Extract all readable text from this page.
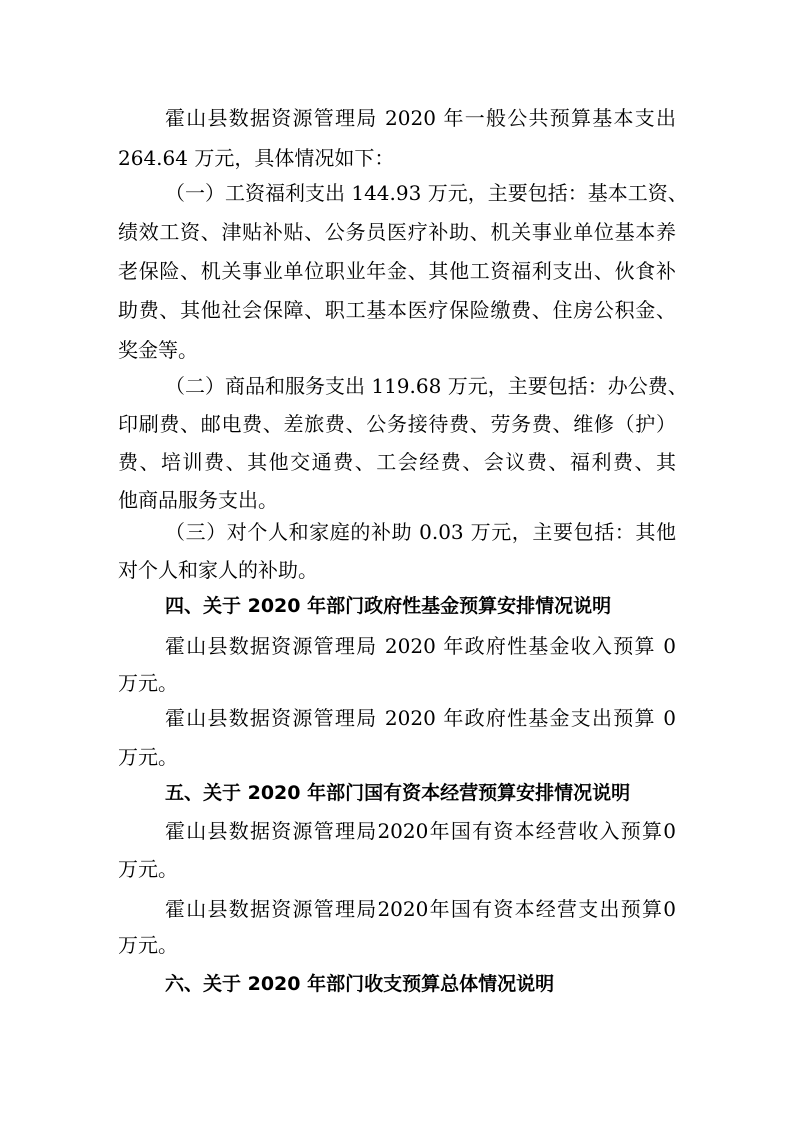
霍山县数据资源管理局 2020 年一般公共预算基本支出
264.64 万元，具体情况如下：
（一）工资福利支出 144.93 万元，主要包括：基本工资、
绩效工资、津贴补贴、公务员医疗补助、机关事业单位基本养
老保险、机关事业单位职业年金、其他工资福利支出、伙食补
助费、其他社会保障、职工基本医疗保险缴费、住房公积金、
奖金等。
（二）商品和服务支出 119.68 万元，主要包括：办公费、
印刷费、邮电费、差旅费、公务接待费、劳务费、维修（护）
费、培训费、其他交通费、工会经费、会议费、福利费、其
他商品服务支出。
（三）对个人和家庭的补助 0.03 万元，主要包括：其他
对个人和家人的补助。
四、关于 2020 年部门政府性基金预算安排情况说明
霍山县数据资源管理局 2020 年政府性基金收入预算 0
万元。
霍山县数据资源管理局 2020 年政府性基金支出预算 0
万元。
五、关于 2020 年部门国有资本经营预算安排情况说明
霍山县数据资源管理局2020年国有资本经营收入预算0
万元。
霍山县数据资源管理局2020年国有资本经营支出预算0
万元。
六、关于 2020 年部门收支预算总体情况说明
